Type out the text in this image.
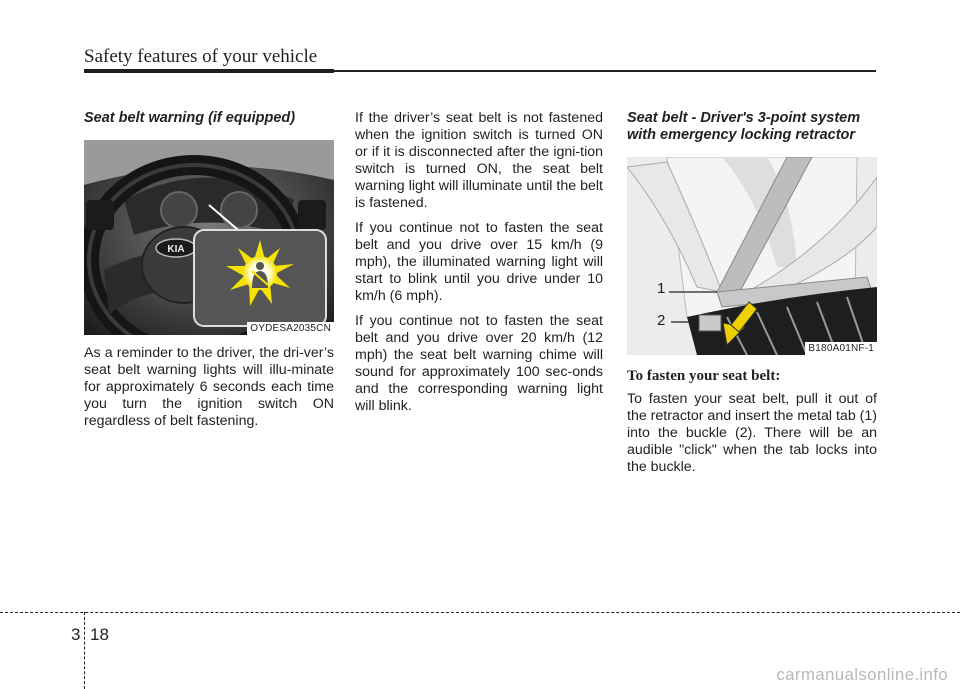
Safety features of your vehicle
Seat belt warning (if equipped)
KIA
OYDESA2035CN

As a reminder to the driver, the dri-ver’s seat belt warning lights will illu-minate for approximately 6 seconds each time you turn the ignition switch ON regardless of belt fastening.

If the driver’s seat belt is not fastened when the ignition switch is turned ON or if it is disconnected after the igni-tion switch is turned ON, the seat belt warning light will illuminate until the belt is fastened.

If you continue not to fasten the seat belt and you drive over 15 km/h (9 mph), the illuminated warning light will start to blink until you drive under 10 km/h (6 mph).

If you continue not to fasten the seat belt and you drive over 20 km/h (12 mph) the seat belt warning chime will sound for approximately 100 sec-onds and the corresponding warning light will blink.

Seat belt - Driver's 3-point system with emergency locking retractor
1
2
B180A01NF-1
To fasten your seat belt:

To fasten your seat belt, pull it out of the retractor and insert the metal tab (1) into the buckle (2). There will be an audible "click" when the tab locks into the buckle.

3 18
carmanualsonline.info
